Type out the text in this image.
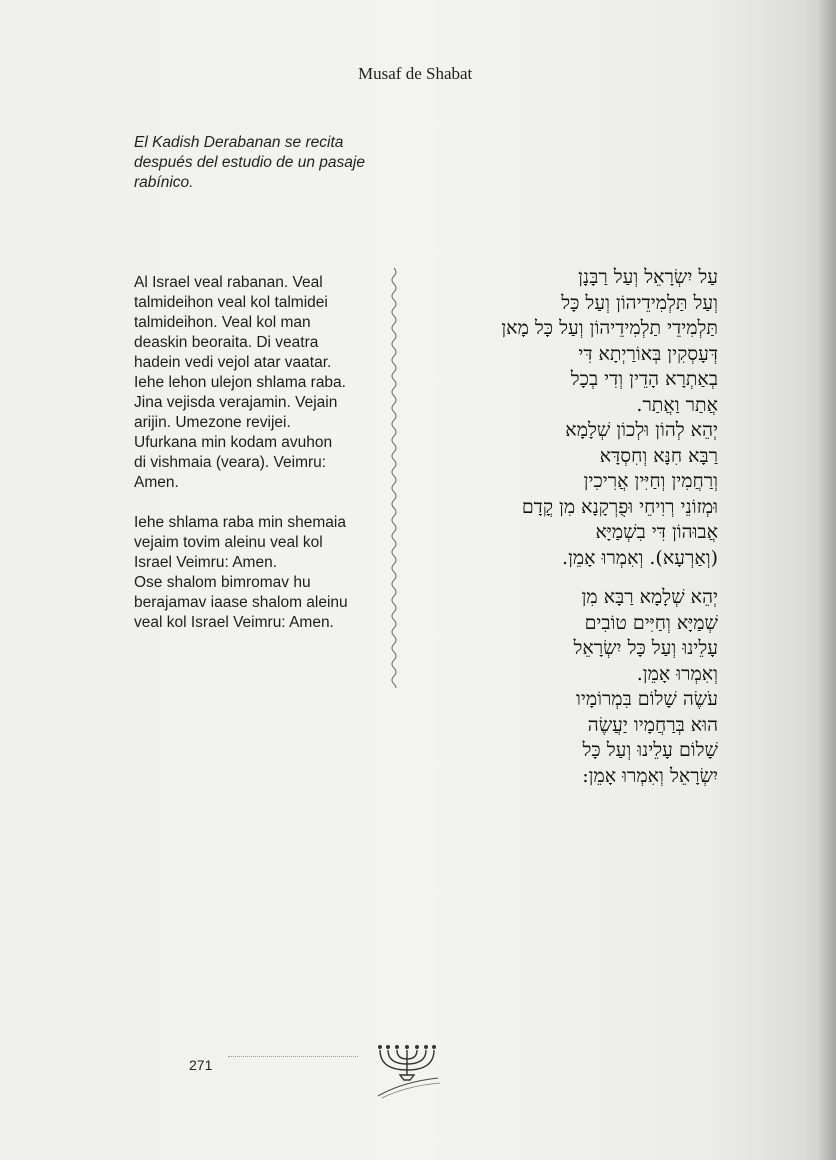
Musaf de Shabat
El Kadish Derabanan se recita después del estudio de un pasaje rabínico.

Al Israel veal rabanan. Veal
talmideihon veal kol talmidei
talmideihon. Veal kol man
deaskin beoraita. Di veatra
hadein vedi vejol atar vaatar.
Iehe lehon ulejon shlama raba.
Jina vejisda verajamin. Vejain
arijin. Umezone revijei.
Ufurkana min kodam avuhon
di vishmaia (veara). Veimru:
Amen.

Iehe shlama raba min shemaia
vejaim tovim aleinu veal kol
Israel Veimru: Amen.
Ose shalom bimromav hu
berajamav iaase shalom aleinu
veal kol Israel Veimru: Amen.

עַל יִשְׂרָאֵל וְעַל רַבָּנָן
וְעַל תַּלְמִידֵיהוֹן וְעַל כָּל
תַּלְמִידֵי תַלְמִידֵיהוֹן וְעַל כָּל מָאן
דְּעָסְקִין בְּאוֹרַיְתָא דִּי
בְאַתְרָא הָדֵין וְדִי בְכָל
אֲתַר וַאֲתַר.
יְהֵא לְהוֹן וּלְכוֹן שְׁלָמָא
רַבָּא חִנָּא וְחִסְדָּא
וְרַחֲמִין וְחַיִּין אֲרִיכִין
וּמְזוֹנֵי רְוִיחֵי וּפֻרְקָנָא מִן קֳדָם
אֲבוּהוֹן דִּי בִשְׁמַיָּא
(וְאַרְעָא). וְאִמְרוּ אָמֵן.

יְהֵא שְׁלָמָא רַבָּא מִן
שְׁמַיָּא וְחַיִּים טוֹבִים
עָלֵינוּ וְעַל כָּל יִשְׂרָאֵל
וְאִמְרוּ אָמֵן.
עֹשֶׂה שָׁלוֹם בִּמְרוֹמָיו
הוּא בְּרַחֲמָיו יַעֲשֶׂה
שָׁלוֹם עָלֵינוּ וְעַל כָּל
יִשְׂרָאֵל וְאִמְרוּ אָמֵן:

271
